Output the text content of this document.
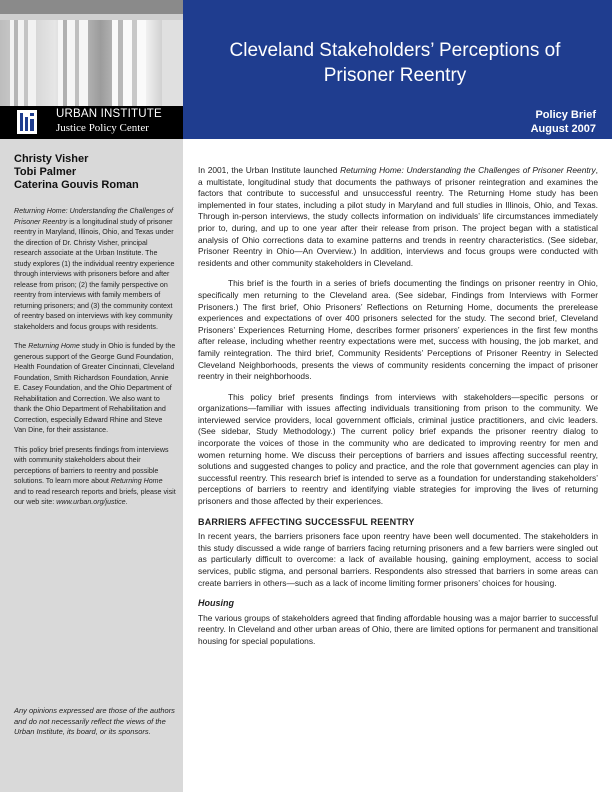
Cleveland Stakeholders’ Perceptions of
Prisoner Reentry
URBAN INSTITUTE
Justice Policy Center
Policy Brief
August 2007
Christy Visher
Tobi Palmer
Caterina Gouvis Roman

Returning Home: Understanding the Challenges of Prisoner Reentry is a longitudinal study of prisoner reentry in Maryland, Illinois, Ohio, and Texas under the direction of Dr. Christy Visher, principal research associate at the Urban Institute. The study explores (1) the individual reentry experience through interviews with prisoners before and after release from prison; (2) the family perspective on reentry from interviews with family members of returning prisoners; and (3) the community context of reentry based on interviews with key community stakeholders and focus groups with residents.

The Returning Home study in Ohio is funded by the generous support of the George Gund Foundation, Health Foundation of Greater Cincinnati, Cleveland Foundation, Smith Richardson Foundation, Annie E. Casey Foundation, and the Ohio Department of Rehabilitation and Correction. We also want to thank the Ohio Department of Rehabilitation and Correction, especially Edward Rhine and Steve Van Dine, for their assistance.

This policy brief presents findings from interviews with community stakeholders about their perceptions of barriers to reentry and possible solutions. To learn more about Returning Home and to read research reports and briefs, please visit our web site: www.urban.org/justice.

Any opinions expressed are those of the authors and do not necessarily reflect the views of the Urban Institute, its board, or its sponsors.

In 2001, the Urban Institute launched Returning Home: Understanding the Challenges of Prisoner Reentry, a multistate, longitudinal study that documents the pathways of prisoner reintegration and examines the factors that contribute to successful and unsuccessful reentry. The Returning Home study has been implemented in four states, including a pilot study in Maryland and full studies in Illinois, Ohio, and Texas. Through in-person interviews, the study collects information on individuals’ life circumstances immediately prior to, during, and up to one year after their release from prison. The project began with a statistical analysis of Ohio corrections data to examine patterns and trends in reentry characteristics. (See sidebar, Prisoner Reentry in Ohio—An Overview.) In addition, interviews and focus groups were conducted with residents and other community stakeholders in Cleveland.

This brief is the fourth in a series of briefs documenting the findings on prisoner reentry in Ohio, specifically men returning to the Cleveland area. (See sidebar, Findings from Interviews with Former Prisoners.) The first brief, Ohio Prisoners’ Reflections on Returning Home, documents the prerelease experiences and expectations of over 400 prisoners selected for the study. The second brief, Cleveland Prisoners’ Experiences Returning Home, describes former prisoners’ experiences in the first few months after release, including whether reentry expectations were met, success with housing, the job market, and family reintegration. The third brief, Community Residents’ Perceptions of Prisoner Reentry in Selected Cleveland Neighborhoods, presents the views of community residents concerning the impact of prisoner reentry in their neighborhoods.

This policy brief presents findings from interviews with stakeholders—specific persons or organizations—familiar with issues affecting individuals transitioning from prison to the community. We interviewed service providers, local government officials, criminal justice practitioners, and civic leaders. (See sidebar, Study Methodology.) The current policy brief expands the prisoner reentry dialog to incorporate the voices of those in the community who are dedicated to improving reentry for men and women returning home. We discuss their perceptions of barriers and issues affecting successful reentry, solutions and suggested changes to policy and practice, and the role that government agencies can play in successful reentry. This research brief is intended to serve as a foundation for understanding stakeholders’ perceptions of barriers to reentry and identifying viable strategies for improving the lives of returning prisoners and those affected by their experiences.

BARRIERS AFFECTING SUCCESSFUL REENTRY

In recent years, the barriers prisoners face upon reentry have been well documented. The stakeholders in this study discussed a wide range of barriers facing returning prisoners and a few barriers were singled out as particularly difficult to overcome: a lack of available housing, gaining employment, access to social services, public stigma, and personal barriers. Respondents also stressed that barriers in some areas can create barriers in others—such as a lack of income limiting former prisoners’ choices for housing.

Housing

The various groups of stakeholders agreed that finding affordable housing was a major barrier to successful reentry. In Cleveland and other urban areas of Ohio, there are limited options for permanent and transitional housing for special populations.
